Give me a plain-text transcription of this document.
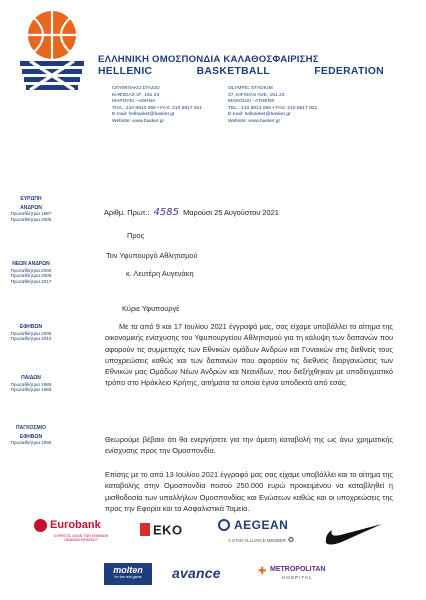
ΕΛΛΗΝΙΚΗ ΟΜΟΣΠΟΝΔΙΑ ΚΑΛΑΘΟΣΦΑΙΡΙΣΗΣ
HELLENIC	BASKETBALL	FEDERATION
ΟΛΥΜΠΙΑΚΟ ΣΤΑΔΙΟ
ΚΗΦΙΣΙΑΣ 37, 151 23
ΜΑΡΟΥΣΙ - ΑΘΗΝΑ
ΤΗΛ.: 210 6813 066 • FAX: 210 6817 921
E-mail: helbasket@basket.gr
Website: www.basket.gr
OLYMPIC STADIUM
37, KIFISIAS AVE, 151 23
MAROUSI - ATHENS
TEL.: 210 6813 066 • FAX: 210 6817 921
E-mail: helbasket@basket.gr
Website: www.basket.gr
ΕΥΡΩΠΗ
ΑΝΔΡΩΝ
Πρωταθλήτρια 1987
Πρωταθλήτρια 2005
ΝΕΩΝ ΑΝΔΡΩΝ
Πρωταθλήτρια 2002
Πρωταθλήτρια 2009
Πρωταθλήτρια 2017
ΕΦΗΒΩΝ
Πρωταθλήτρια 2008
Πρωταθλήτρια 2010
ΠΑΙΔΩΝ
Πρωταθλήτρια 1989
Πρωταθλήτρια 1993
ΠΑΓΚΟΣΜΙΟ
ΕΦΗΒΩΝ
Πρωταθλήτρια 1995
Αριθμ. Πρωτ.: 4585 Μαρούσι 25 Αυγούστου 2021
Προς
Τον Υφυπουργό Αθλητισμού
κ. Λευτέρη Αυγενάκη
Κύριε Υφυπουργέ
Με τα από 9 και 17 Ιουλίου 2021 έγγραφά μας, σας είχαμε υποβάλλει το αίτημα της οικονομικής ενίσχυσης του Υφυπουργείου Αθλητισμού για τη κάλυψη των δαπανών που αφορούν τις συμμετοχές των Εθνικών ομάδων Ανδρών και Γυναικών στις διεθνείς τους υποχρεώσεις καθώς και των δαπανών που αφορούν τις διεθνείς διοργανώσεις των Εθνικών μας Ομάδων Νέων Ανδρών και Νεανίδων, που διεξήχθηκαν με υποδειγματικό τρόπο στο Ηράκλειο Κρήτης, αιτήματα τα οποία έγινα αποδεκτά από εσάς.
Θεωρούμε βέβαιο ότι θα ενεργήσετε για την άμεση καταβολή της ως άνω χρηματικής ενίσχυσης προς την Ομοσπονδία.
Επίσης με το από 13 Ιουλίου 2021 έγγραφό μας σας είχαμε υποβάλλει και το αίτημα της καταβολής στην Ομοσπονδία ποσού 250.000 ευρώ προκειμένου να καταβληθεί η μισθοδοσία των υπαλλήλων Ομοσπονδίας και Ενώσεων καθώς και οι υποχρεώσεις της προς την Εφορία και τα Ασφαλιστικά Ταμεία.
Eurobank
ΧΟΡΗΓΟΣ ΟΛΩΝ ΤΩΝ ΕΘΝΙΚΩΝ ΟΜΑΔΩΝ ΜΠΑΣΚΕΤ
EKO	AEGEAN
A STAR ALLIANCE MEMBER ✪
molten
for the real game	avance	✚ METROPOLITAN
HOSPITAL
